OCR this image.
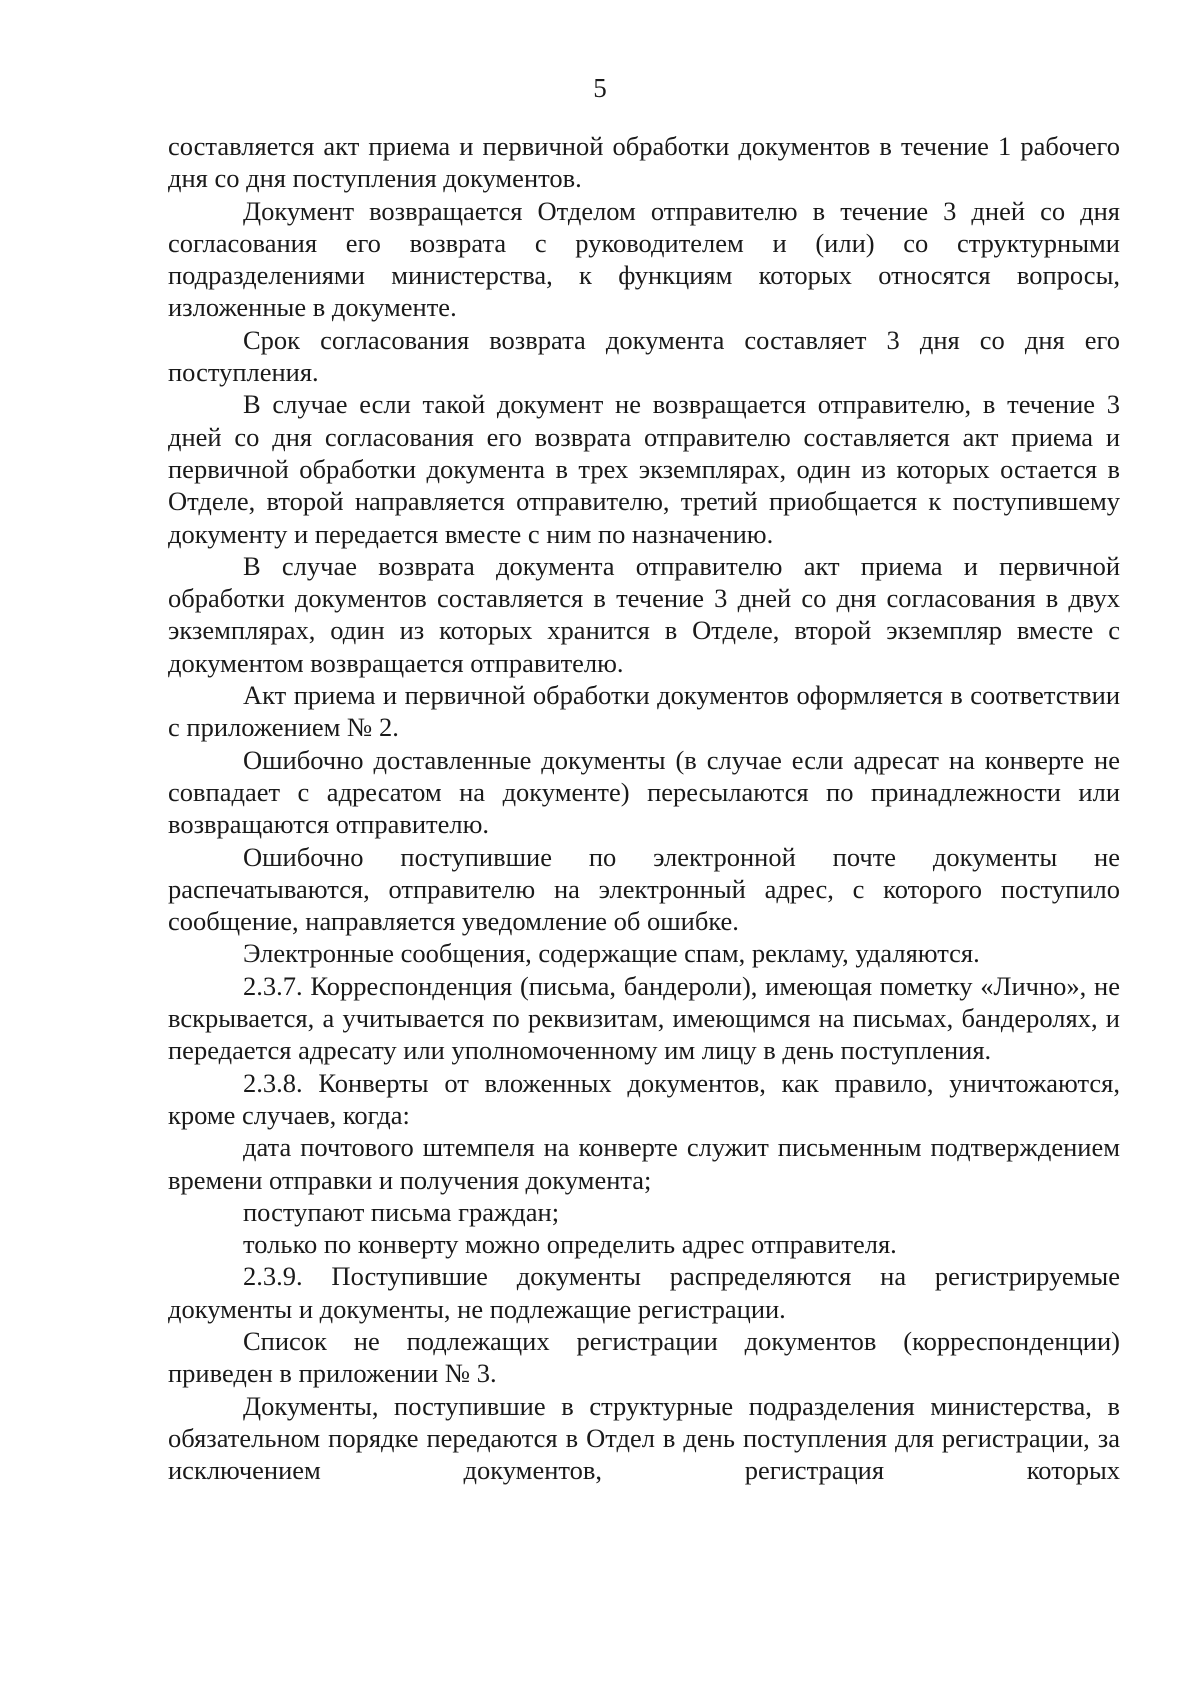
5

составляется акт приема и первичной обработки документов в течение 1 рабочего дня со дня поступления документов.

Документ возвращается Отделом отправителю в течение 3 дней со дня согласования его возврата с руководителем и (или) со структурными подразделениями министерства, к функциям которых относятся вопросы, изложенные в документе.

Срок согласования возврата документа составляет 3 дня со дня его поступления.

В случае если такой документ не возвращается отправителю, в течение 3 дней со дня согласования его возврата отправителю составляется акт приема и первичной обработки документа в трех экземплярах, один из которых остается в Отделе, второй направляется отправителю, третий приобщается к поступившему документу и передается вместе с ним по назначению.

В случае возврата документа отправителю акт приема и первичной обработки документов составляется в течение 3 дней со дня согласования в двух экземплярах, один из которых хранится в Отделе, второй экземпляр вместе с документом возвращается отправителю.

Акт приема и первичной обработки документов оформляется в соответствии с приложением № 2.

Ошибочно доставленные документы (в случае если адресат на конверте не совпадает с адресатом на документе) пересылаются по принадлежности или возвращаются отправителю.

Ошибочно поступившие по электронной почте документы не распечатываются, отправителю на электронный адрес, с которого поступило сообщение, направляется уведомление об ошибке.

Электронные сообщения, содержащие спам, рекламу, удаляются.

2.3.7. Корреспонденция (письма, бандероли), имеющая пометку «Лично», не вскрывается, а учитывается по реквизитам, имеющимся на письмах, бандеролях, и передается адресату или уполномоченному им лицу в день поступления.

2.3.8. Конверты от вложенных документов, как правило, уничтожаются, кроме случаев, когда:

дата почтового штемпеля на конверте служит письменным подтверждением времени отправки и получения документа;

поступают письма граждан;

только по конверту можно определить адрес отправителя.

2.3.9. Поступившие документы распределяются на регистрируемые документы и документы, не подлежащие регистрации.

Список не подлежащих регистрации документов (корреспонденции) приведен в приложении № 3.

Документы, поступившие в структурные подразделения министерства, в обязательном порядке передаются в Отдел в день поступления для регистрации, за исключением документов, регистрация которых
